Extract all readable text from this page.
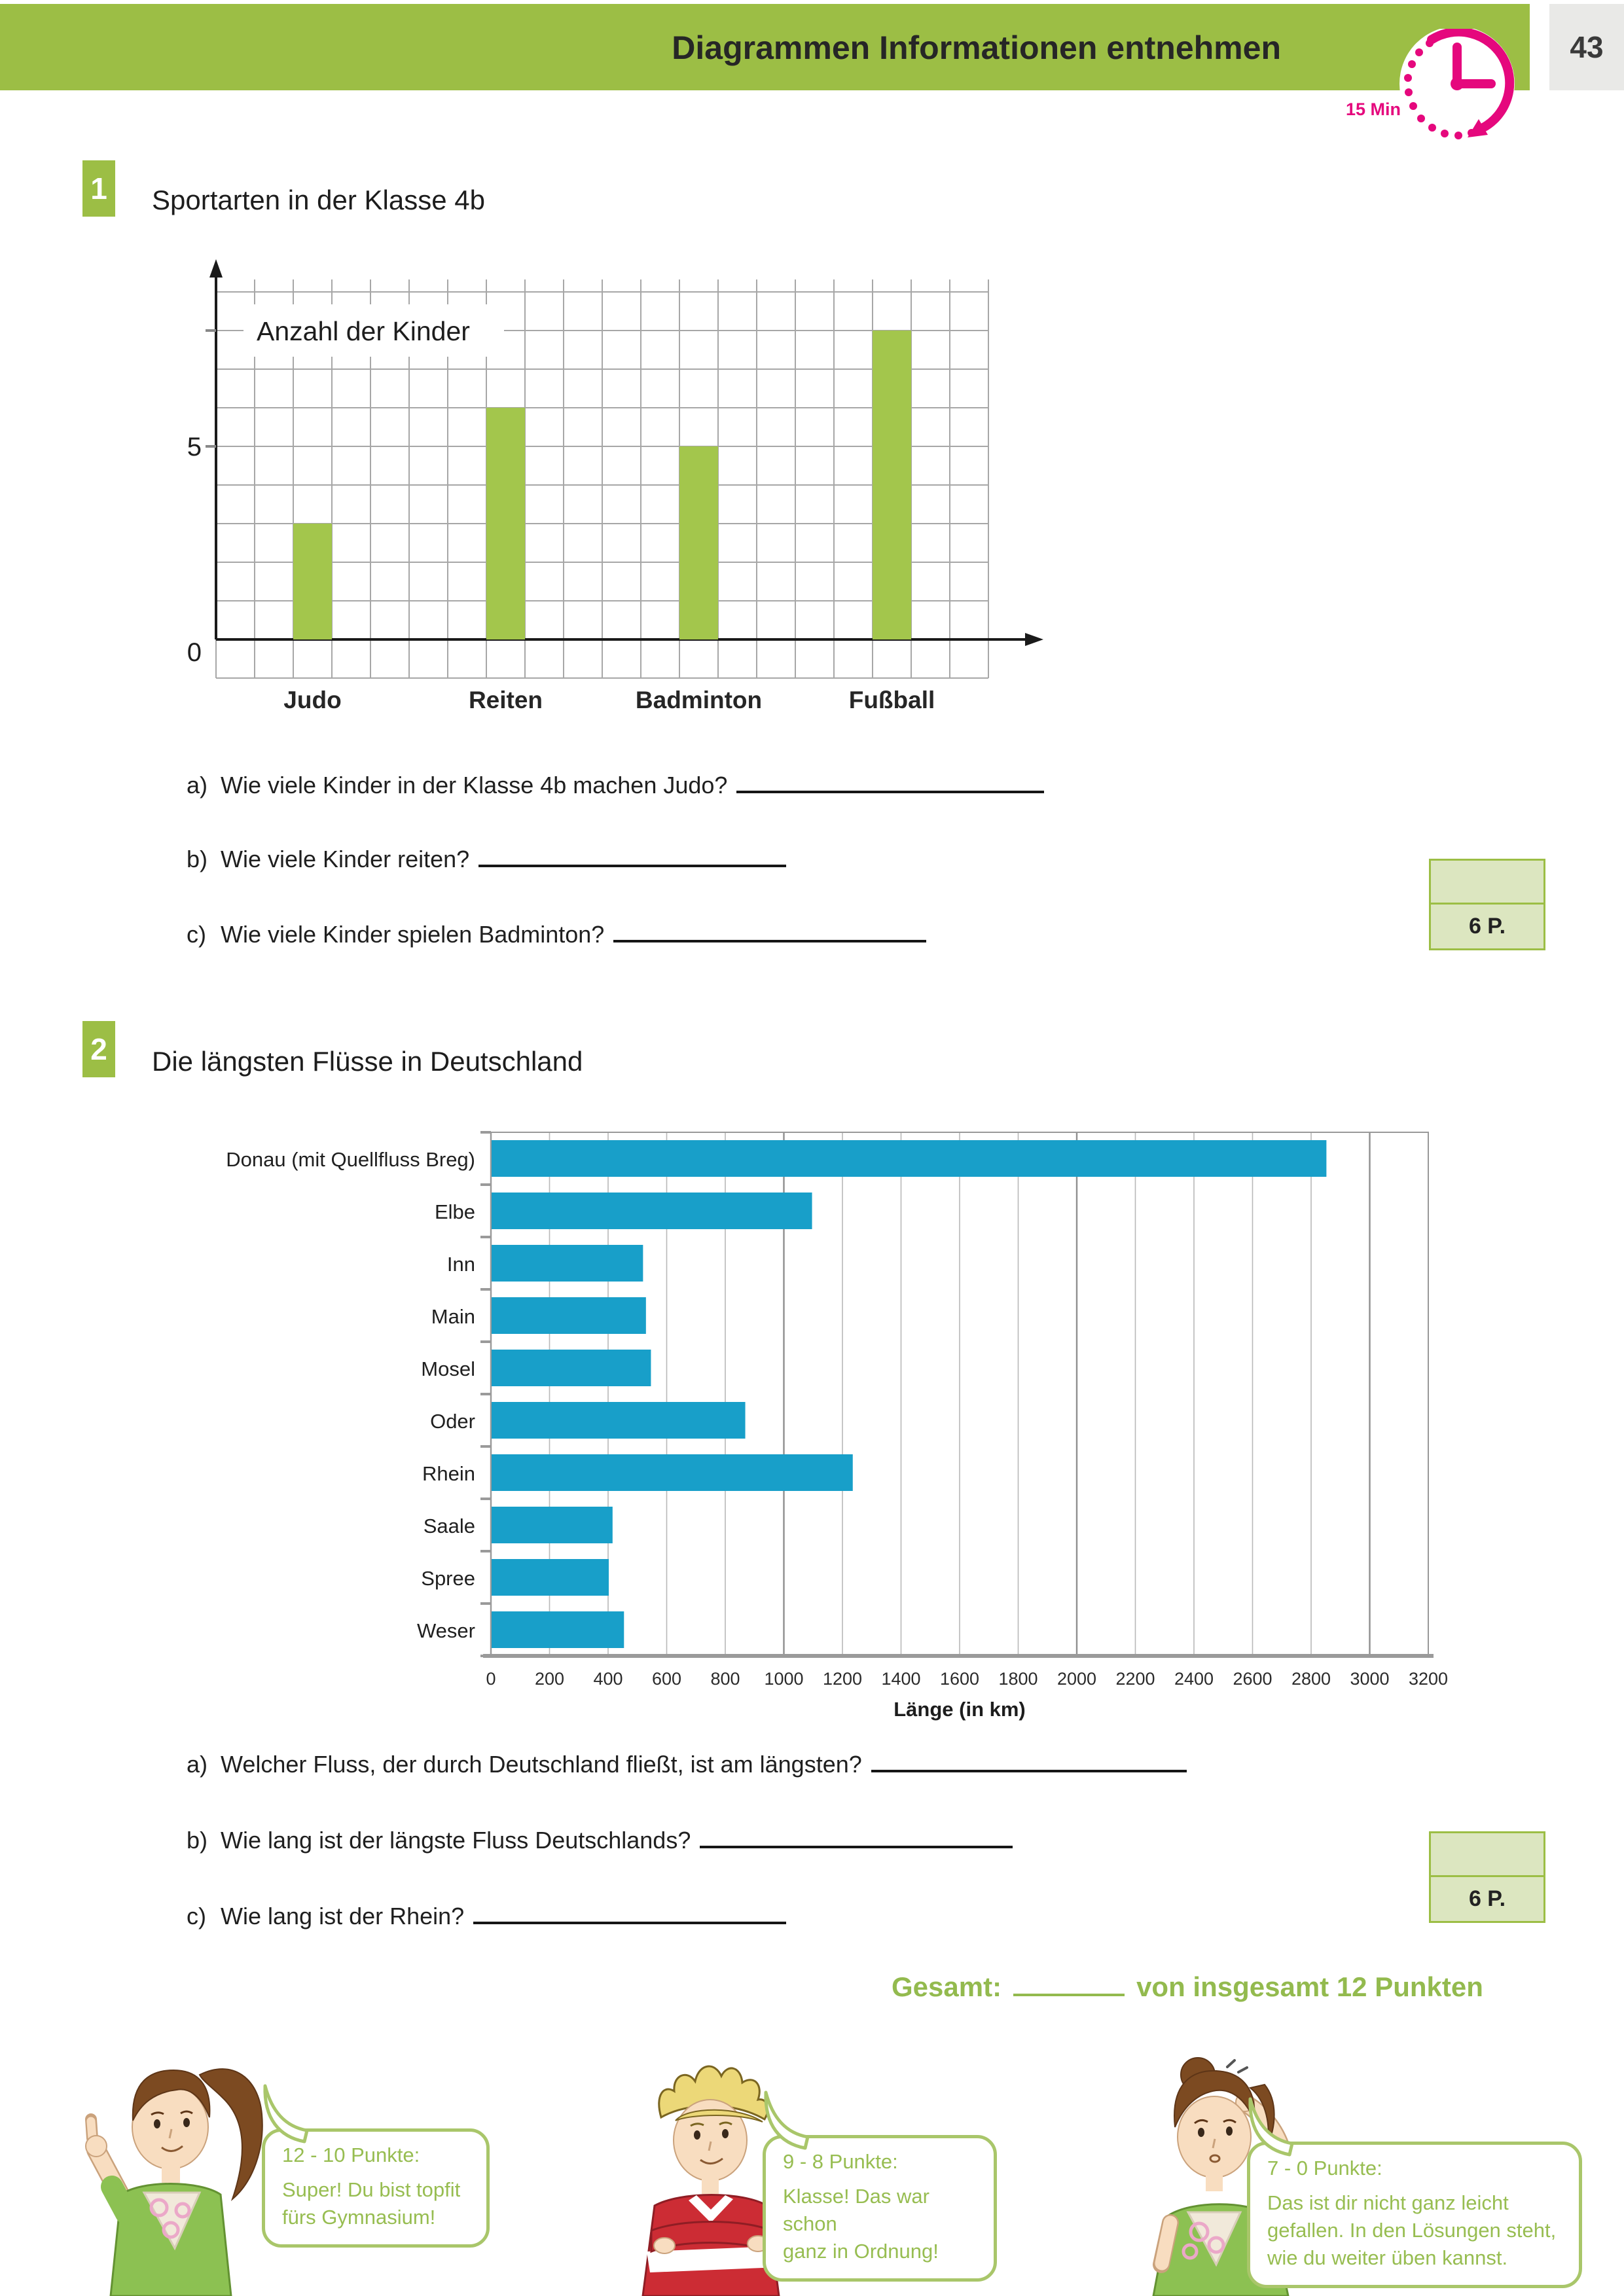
Diagrammen Informationen entnehmen	43
15 Min
1 Sportarten in der Klasse 4b
0
5
Anzahl der Kinder
Judo	Reiten	Badminton	Fußball
a) Wie viele Kinder in der Klasse 4b machen Judo?
b) Wie viele Kinder reiten?
c) Wie viele Kinder spielen Badminton?	6 P.
2 Die längsten Flüsse in Deutschland
Donau (mit Quellfluss Breg)
Elbe
Inn
Main
Mosel
Oder
Rhein
Saale
Spree
Weser
0 200 400 600 800 1000 1200 1400 1600 1800 2000 2200 2400 2600 2800 3000 3200
Länge (in km)
a) Welcher Fluss, der durch Deutschland fließt, ist am längsten?
b) Wie lang ist der längste Fluss Deutschlands?
c) Wie lang ist der Rhein?
6 P.
Gesamt:	von insgesamt 12 Punkten
12 - 10 Punkte:
Super! Du bist topfit
fürs Gymnasium!
9 - 8 Punkte:
Klasse! Das war schon
ganz in Ordnung!
7 - 0 Punkte:
Das ist dir nicht ganz leicht
gefallen. In den Lösungen steht,
wie du weiter üben kannst.
